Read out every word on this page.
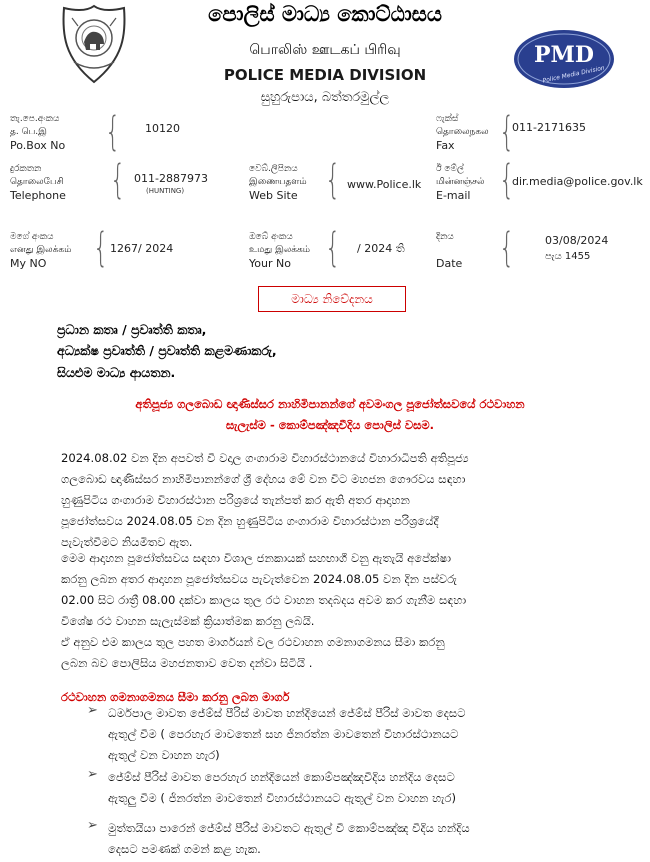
පොලිස් මාධ්‍ය කොට්ඨාසය
பொலிஸ் ஊடகப் பிரிவு
POLICE MEDIA DIVISION
සුහුරුපාය, බත්තරමුල්ල
PMD
Police Media Division
තැ.පෙ.අංකය
த. பெ.இ
Po.Box No { 10120
ෆැක්ස්
தொலைநகல
Fax	{
011-2171635
දුරකතන
தொலைபேசி
Telephone { 011-2887973
(HUNTING)
වෙබ්.ලිපිනය
இணையதளம்
Web Site { www.Police.lk
ඊ මේල්
மின்னஞ்சல்
E-mail {
dir.media@police.gov.lk
මගේ අංකය
எனது இலக்கம்
My NO	{ 1267/ 2024
ඔබේ අංකය
உமது இலக்கம்
Your No { / 2024 ති
දිනය
Date {	03/08/2024
පැය 1455
මාධ්‍ය නිවේදනය
ප්‍රධාන කතෘ / ප්‍රවෘත්ති කතෘ,
අධ්‍යක්ෂ ප්‍රවෘත්ති / ප්‍රවෘත්ති කළමණාකරු,
සියළුම මාධ්‍ය ආයතන.
අතිපූජ්‍ය ගලබොඩ ඥාණිස්සර නාහිමිපානන්ගේ අවමංගල පූජෝත්සවයේ රථවාහන
සැලැස්ම - කොම්පඤ්ඤවීදිය පොලිස් වසම.
2024.08.02 වන දින අපවත් වී වදාල ගංගාරාම විහාරස්ථානයේ විහාරාධිපති අතිපූජ්‍ය
ගලබොඩ ඥාණිස්සර නාහිමිපානන්ගේ ශ්‍රී දේහය මේ වන විට මහජන ගෞරවය සඳහා
හුණුපිටිය ගංගාරාම විහාරස්ථාන පරිශ්‍රයේ තැන්පත් කර ඇති අතර ආදාහන
පූජෝත්සවය 2024.08.05 වන දින හුණුපිටිය ගංගාරාම විහාරස්ථාන පරිශ්‍රයේදී
පැවැත්වීමට නියමිතව ඇත.
මෙම ආදාහන පූජෝත්සවය සඳහා විශාල ජනකායක් සහභාගී වනු ඇතැයි අපේක්ෂා
කරනු ලබන අතර ආදාහන පූජෝත්සවය පැවැත්වෙන 2024.08.05 වන දින පස්වරු
02.00 සිට රාත්‍රී 08.00 දක්වා කාලය තුල රථ වාහන තදබදය අවම කර ගැනීම සඳහා
විශේෂ රථ වාහන සැලැස්මක් ක්‍රියාත්මක කරනු ලබයි.
ඒ අනුව එම කාලය තුල පහත මාර්ගයන් වල රථවාහන ගමනාගමනය සීමා කරනු
ලබන බව පොලිසිය මහජනතාව වෙත දන්වා සිටියි .
රථවාහන ගමනාගමනය සීමා කරනු ලබන මාර්ග
➢ ධර්මපාල මාවත ජේම්ස් පීරිස් මාවත හන්දියෙන් ජේම්ස් පීරිස් මාවත දෙසට
ඇතුල් වීම ( පෙරහැර මාවතෙන් සහ ජිනරත්න මාවතෙන් විහාරස්ථානයට
ඇතුල් වන වාහන හැර)
➢ ජේම්ස් පීරිස් මාවත පෙරහැර හන්දියෙන් කොම්පඤ්ඤවීදිය හන්දිය දෙසට
ඇතුලු වීම ( ජිනරත්න මාවතෙන් විහාරස්ථානයට ඇතුල් වන වාහන හැර)
➢ මුත්තයියා පාරෙන් ජේම්ස් පීරිස් මාවතට ඇතුල් වී කොම්පඤ්ඤ වීදිය හන්දිය
දෙසට පමණක් ගමන් කළ හැක.
